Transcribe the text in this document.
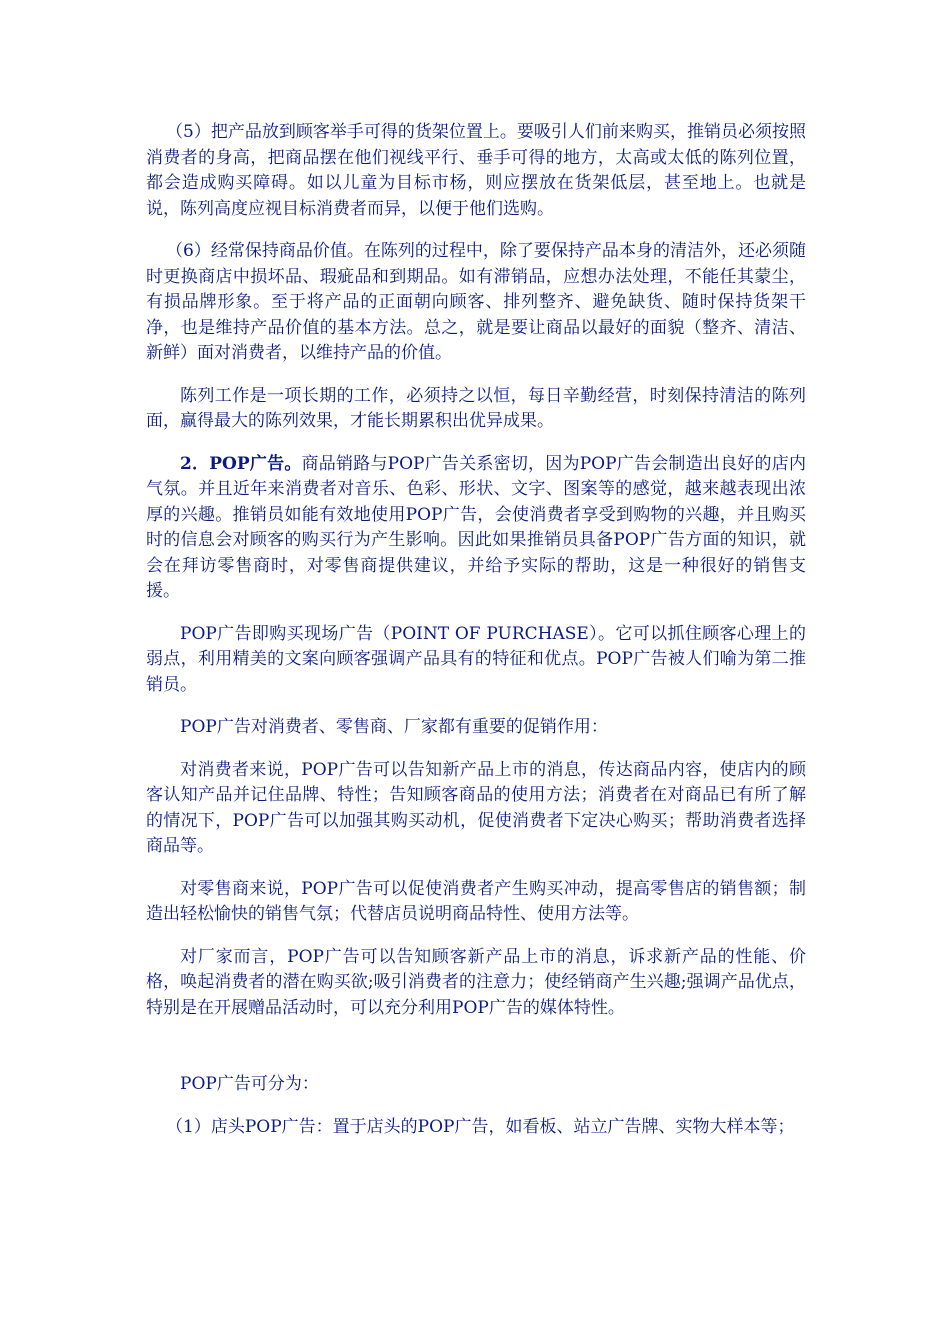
（5）把产品放到顾客举手可得的货架位置上。要吸引人们前来购买，推销员必须按照消费者的身高，把商品摆在他们视线平行、垂手可得的地方，太高或太低的陈列位置，都会造成购买障碍。如以儿童为目标市杨，则应摆放在货架低层，甚至地上。也就是说，陈列高度应视目标消费者而异，以便于他们选购。

（6）经常保持商品价值。在陈列的过程中，除了要保持产品本身的清洁外，还必须随时更换商店中损坏品、瑕疵品和到期品。如有滞销品，应想办法处理，不能任其蒙尘，有损品牌形象。至于将产品的正面朝向顾客、排列整齐、避免缺货、随时保持货架干净，也是维持产品价值的基本方法。总之，就是要让商品以最好的面貌（整齐、清洁、新鲜）面对消费者，以维持产品的价值。

陈列工作是一项长期的工作，必须持之以恒，每日辛勤经营，时刻保持清洁的陈列面，赢得最大的陈列效果，才能长期累积出优异成果。

2．POP广告。商品销路与POP广告关系密切，因为POP广告会制造出良好的店内气氛。并且近年来消费者对音乐、色彩、形状、文字、图案等的感觉，越来越表现出浓厚的兴趣。推销员如能有效地使用POP广告，会使消费者享受到购物的兴趣，并且购买时的信息会对顾客的购买行为产生影响。因此如果推销员具备POP广告方面的知识，就会在拜访零售商时，对零售商提供建议，并给予实际的帮助，这是一种很好的销售支援。

POP广告即购买现场广告（POINT OF PURCHASE）。它可以抓住顾客心理上的弱点，利用精美的文案向顾客强调产品具有的特征和优点。POP广告被人们喻为第二推销员。

POP广告对消费者、零售商、厂家都有重要的促销作用：

对消费者来说，POP广告可以告知新产品上市的消息，传达商品内容，使店内的顾客认知产品并记住品牌、特性；告知顾客商品的使用方法；消费者在对商品已有所了解的情况下，POP广告可以加强其购买动机，促使消费者下定决心购买；帮助消费者选择商品等。

对零售商来说，POP广告可以促使消费者产生购买冲动，提高零售店的销售额；制造出轻松愉快的销售气氛；代替店员说明商品特性、使用方法等。

对厂家而言，POP广告可以告知顾客新产品上市的消息，诉求新产品的性能、价格，唤起消费者的潜在购买欲;吸引消费者的注意力；使经销商产生兴趣;强调产品优点，特别是在开展赠品活动时，可以充分利用POP广告的媒体特性。

POP广告可分为：

（1）店头POP广告：置于店头的POP广告，如看板、站立广告牌、实物大样本等；
